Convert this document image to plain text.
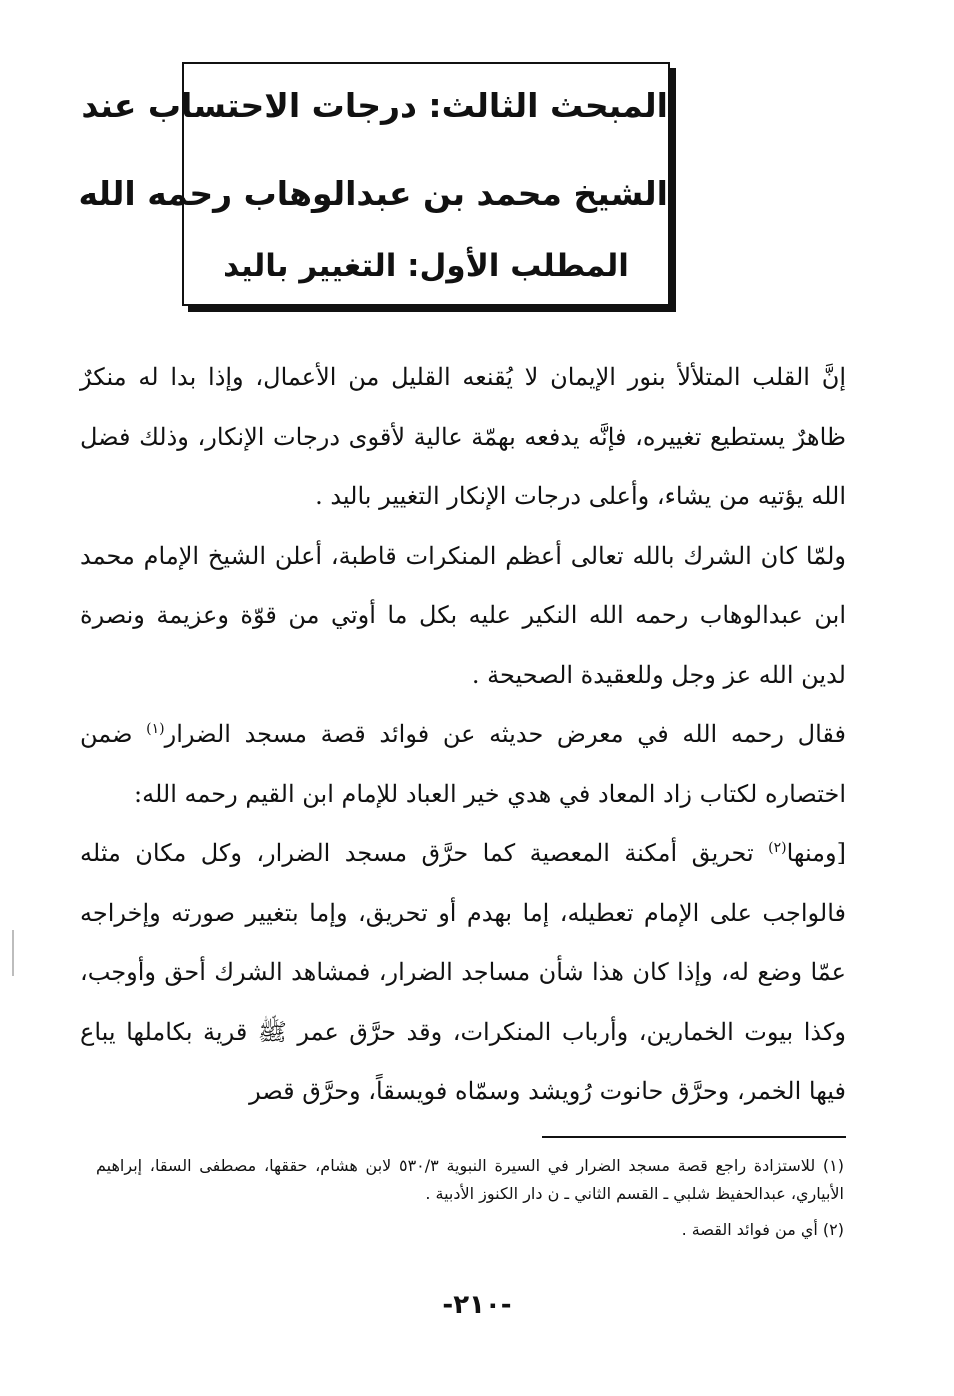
المبحث الثالث: درجات الاحتساب عند
الشيخ محمد بن عبدالوهاب رحمه الله
المطلب الأول: التغيير باليد

إنَّ القلب المتلألأ بنور الإيمان لا يُقنعه القليل من الأعمال، وإذا بدا له منكرٌ ظاهرٌ يستطيع تغييره، فإنَّه يدفعه بهمّة عالية لأقوى درجات الإنكار، وذلك فضل الله يؤتيه من يشاء، وأعلى درجات الإنكار التغيير باليد .

ولمّا كان الشرك بالله تعالى أعظم المنكرات قاطبة، أعلن الشيخ الإمام محمد ابن عبدالوهاب رحمه الله النكير عليه بكل ما أوتي من قوّة وعزيمة ونصرة لدين الله عز وجل وللعقيدة الصحيحة .

فقال رحمه الله في معرض حديثه عن فوائد قصة مسجد الضرار$^{(١)}$ ضمن اختصاره لكتاب زاد المعاد في هدي خير العباد للإمام ابن القيم رحمه الله:

[ومنها$^{(٢)}$ تحريق أمكنة المعصية كما حرَّق مسجد الضرار، وكل مكان مثله فالواجب على الإمام تعطيله، إما بهدم أو تحريق، وإما بتغيير صورته وإخراجه عمّا وضع له، وإذا كان هذا شأن مساجد الضرار، فمشاهد الشرك أحق وأوجب، وكذا بيوت الخمارين، وأرباب المنكرات، وقد حرَّق عمر ﷺ قرية بكاملها يباع فيها الخمر، وحرَّق حانوت رُويشد وسمّاه فويسقاً، وحرَّق قصر

(١) للاستزادة راجع قصة مسجد الضرار في السيرة النبوية ٥٣٠/٣ لابن هشام، حققها، مصطفى السقا، إبراهيم الأبياري، عبدالحفيظ شلبي ـ القسم الثاني ـ ن دار الكنوز الأدبية .

(٢) أي من فوائد القصة .

-٢١٠-
